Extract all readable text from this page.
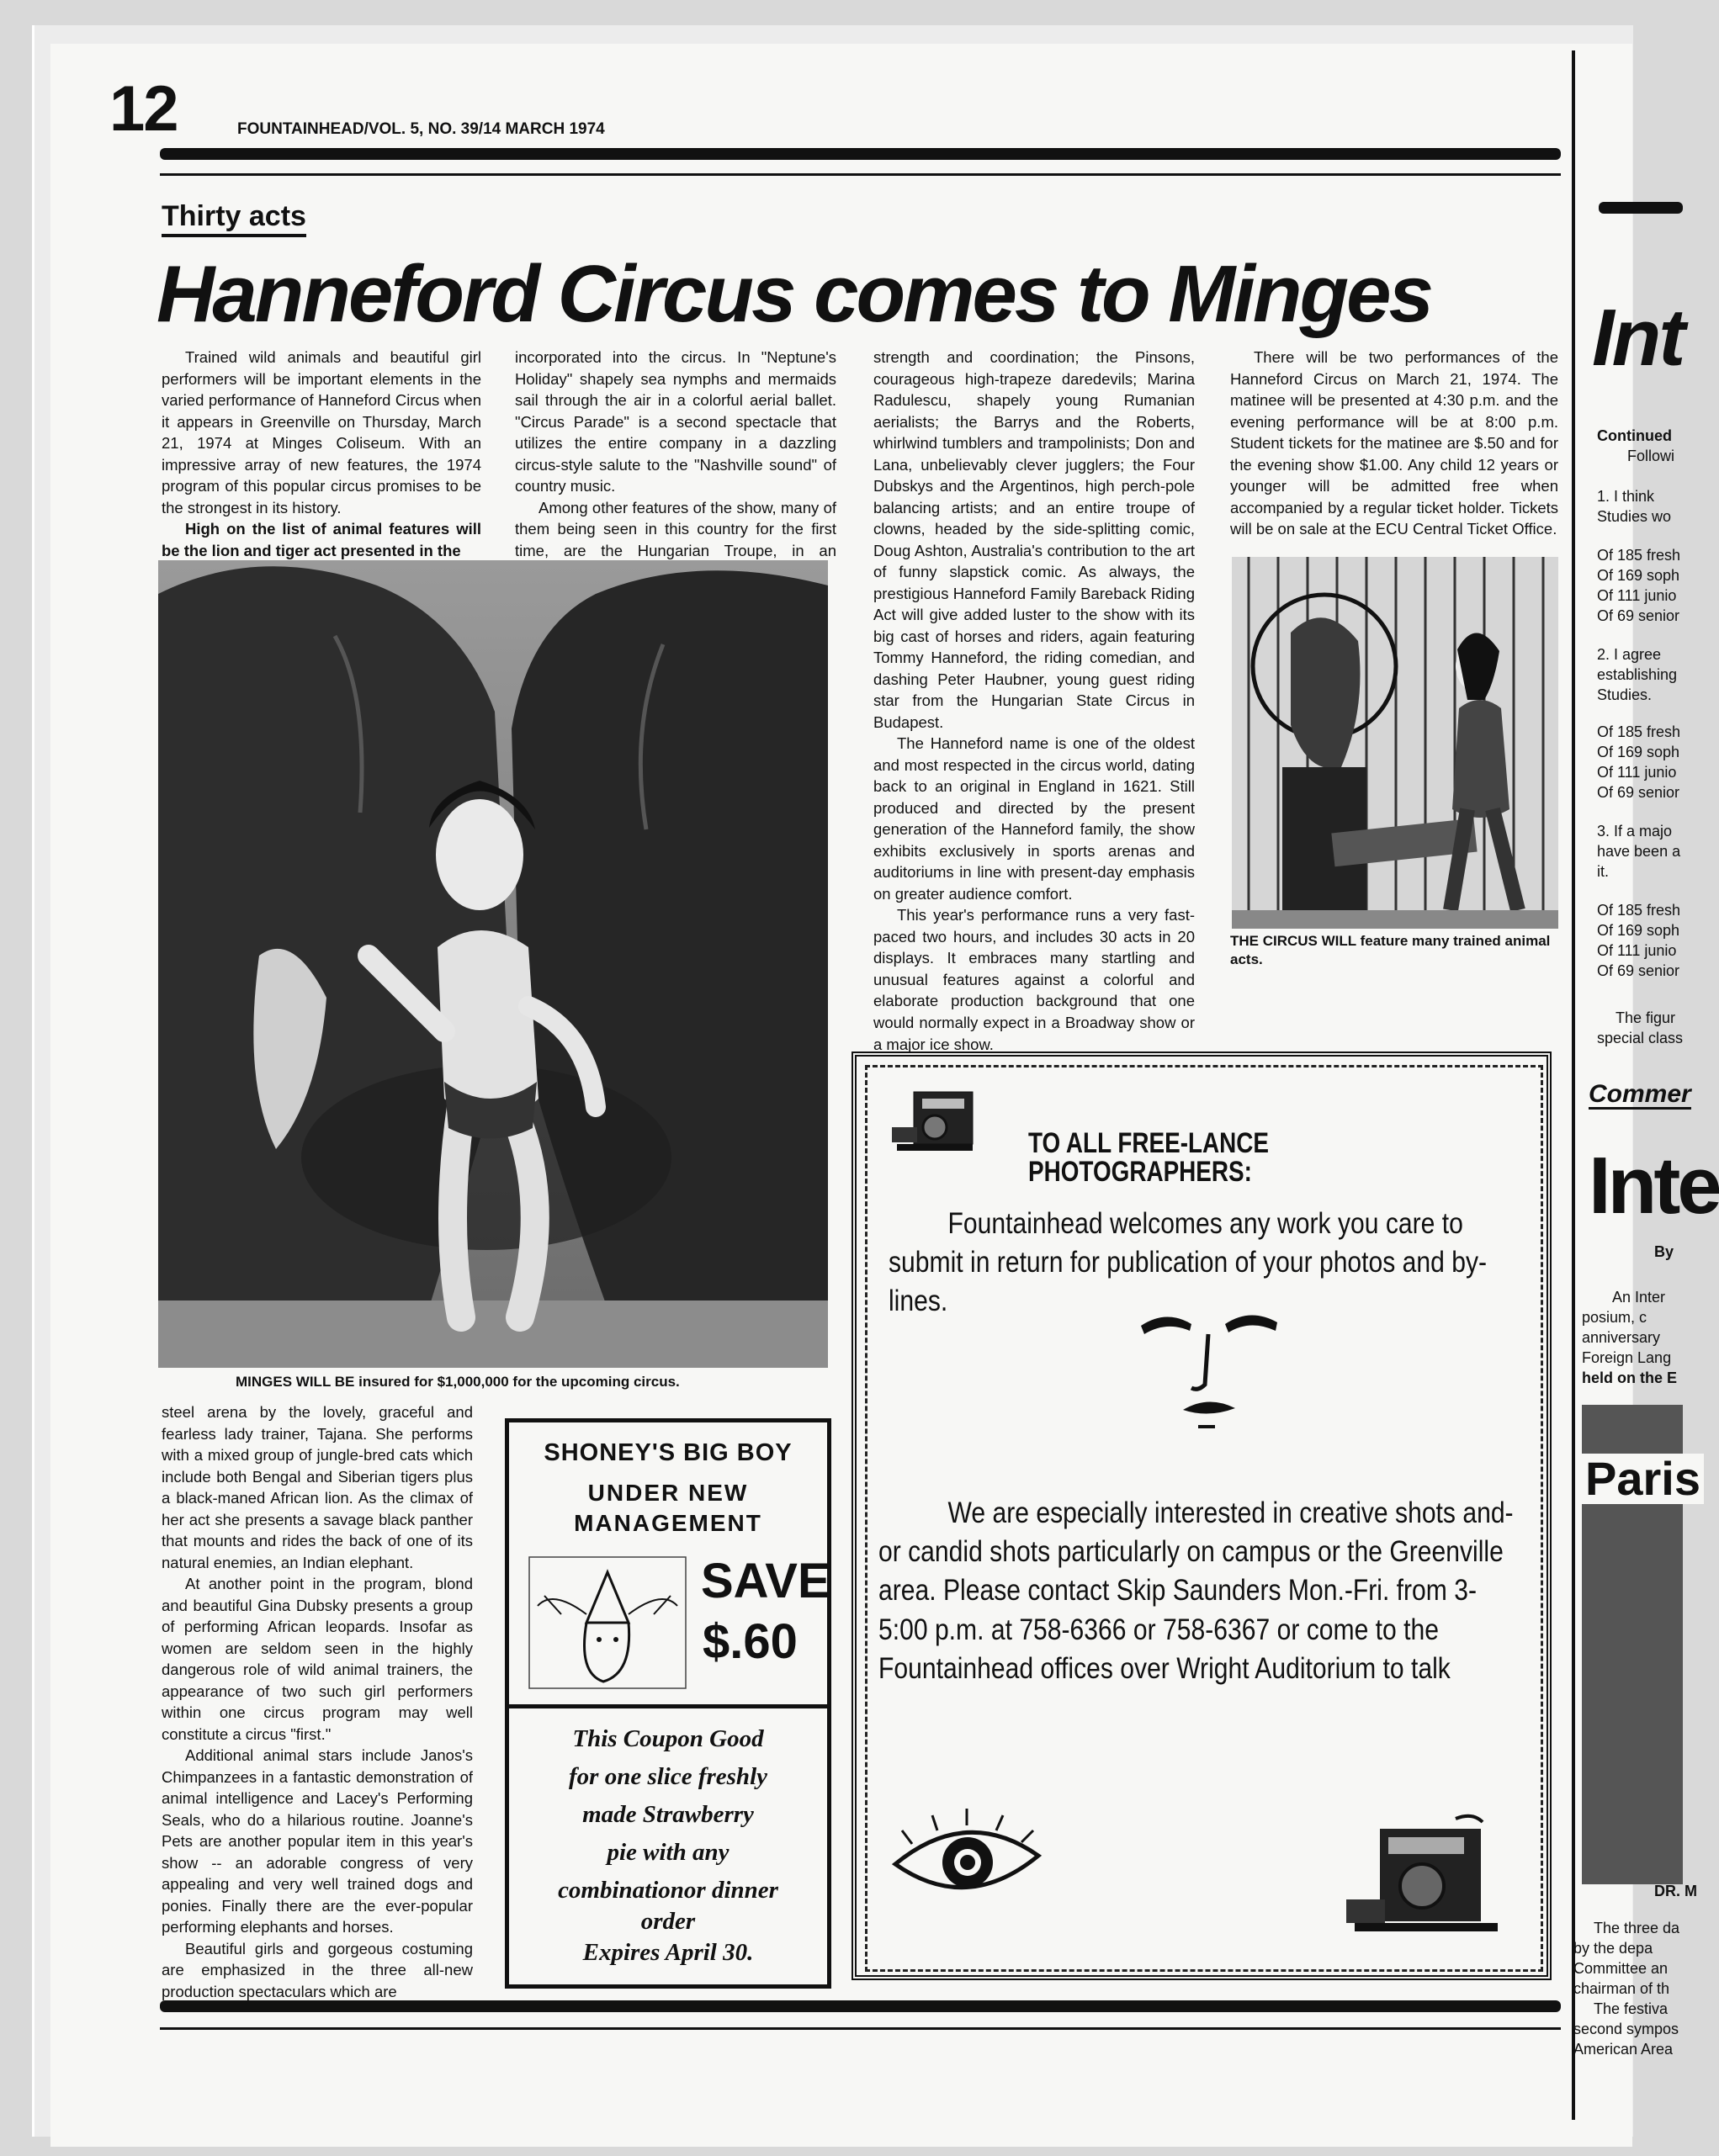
12	FOUNTAINHEAD/VOL. 5, NO. 39/14 MARCH 1974
Thirty acts
Hanneford Circus comes to Minges

Trained wild animals and beautiful girl performers will be important elements in the varied performance of Hanneford Circus when it appears in Greenville on Thursday, March 21, 1974 at Minges Coliseum. With an impressive array of new features, the 1974 program of this popular circus promises to be the strongest in its history.

High on the list of animal features will be the lion and tiger act presented in the

incorporated into the circus. In "Neptune's Holiday" shapely sea nymphs and mermaids sail through the air in a colorful aerial ballet. "Circus Parade" is a second spectacle that utilizes the entire company in a dazzling circus-style salute to the "Nashville sound" of country music.

Among other features of the show, many of them being seen in this country for the first time, are the Hungarian Troupe, in an

MINGES WILL BE insured for $1,000,000 for the upcoming circus.

strength and coordination; the Pinsons, courageous high-trapeze daredevils; Marina Radulescu, shapely young Rumanian aerialists; the Barrys and the Roberts, whirlwind tumblers and trampolinists; Don and Lana, unbelievably clever jugglers; the Four Dubskys and the Argentinos, high perch-pole balancing artists; and an entire troupe of clowns, headed by the side-splitting comic, Doug Ashton, Australia's contribution to the art of funny slapstick comic. As always, the prestigious Hanneford Family Bareback Riding Act will give added luster to the show with its big cast of horses and riders, again featuring Tommy Hanneford, the riding comedian, and dashing Peter Haubner, young guest riding star from the Hungarian State Circus in Budapest.

The Hanneford name is one of the oldest and most respected in the circus world, dating back to an original in England in 1621. Still produced and directed by the present generation of the Hanneford family, the show exhibits exclusively in sports arenas and auditoriums in line with present-day emphasis on greater audience comfort.

This year's performance runs a very fast-paced two hours, and includes 30 acts in 20 displays. It embraces many startling and unusual features against a colorful and elaborate production background that one would normally expect in a Broadway show or a major ice show.

There will be two performances of the Hanneford Circus on March 21, 1974. The matinee will be presented at 4:30 p.m. and the evening performance will be at 8:00 p.m. Student tickets for the matinee are $.50 and for the evening show $1.00. Any child 12 years or younger will be admitted free when accompanied by a regular ticket holder. Tickets will be on sale at the ECU Central Ticket Office.

THE CIRCUS WILL feature many trained animal acts.

steel arena by the lovely, graceful and fearless lady trainer, Tajana. She performs with a mixed group of jungle-bred cats which include both Bengal and Siberian tigers plus a black-maned African lion. As the climax of her act she presents a savage black panther that mounts and rides the back of one of its natural enemies, an Indian elephant.

At another point in the program, blond and beautiful Gina Dubsky presents a group of performing African leopards. Insofar as women are seldom seen in the highly dangerous role of wild animal trainers, the appearance of two such girl performers within one circus program may well constitute a circus "first."

Additional animal stars include Janos's Chimpanzees in a fantastic demonstration of animal intelligence and Lacey's Performing Seals, who do a hilarious routine. Joanne's Pets are another popular item in this year's show -- an adorable congress of very appealing and very well trained dogs and ponies. Finally there are the ever-popular performing elephants and horses.

Beautiful girls and gorgeous costuming are emphasized in the three all-new production spectaculars which are

SHONEY'S BIG BOY
UNDER NEW
MANAGEMENT
SAVE
$.60
This Coupon Good
for one slice freshly
made Strawberry
pie with any
combinationor dinner
order
Expires April 30.
TO ALL FREE-LANCE PHOTOGRAPHERS:
Fountainhead welcomes any work you care to submit in return for publication of your photos and by-lines.
We are especially interested in creative shots and-or candid shots particularly on campus or the Greenville area. Please contact Skip Saunders Mon.-Fri. from 3-5:00 p.m. at 758-6366 or 758-6367 or come to the Fountainhead offices over Wright Auditorium to talk
Int
Continued
Followi
1. I think
Studies wo
Of 185 fresh
Of 169 soph
Of 111 junio
Of 69 senior
2. I agree
establishing
Studies.
Of 185 fresh
Of 169 soph
Of 111 junio
Of 69 senior
3. If a majo
have been a
it.
Of 185 fresh
Of 169 soph
Of 111 junio
Of 69 senior
The figur
special class
Commer
Inte
By
An Inter
posium, c
anniversary
Foreign Lang
held on the E
Paris
DR. M
The three da
by the depa
Committee an
chairman of th
The festiva
second sympos
American Area
